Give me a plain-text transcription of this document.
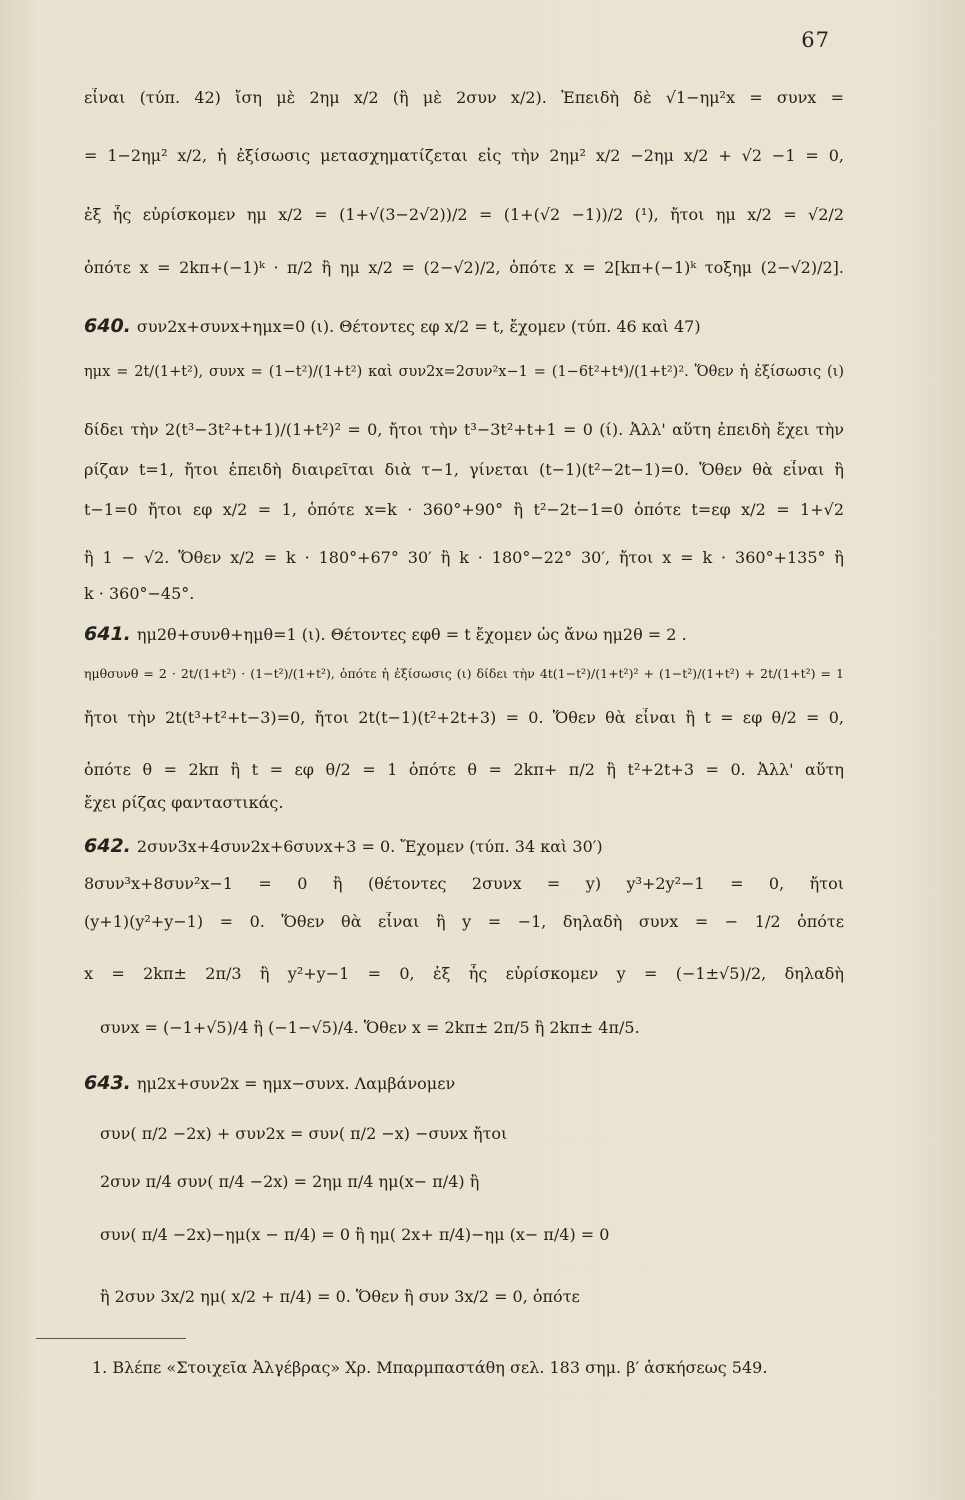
67
εἶναι (τύπ. 42) ἴση μὲ 2ημ x/2 (ἢ μὲ 2συν x/2). Ἐπειδὴ δὲ √1−ημ²x = συνx =
= 1−2ημ² x/2, ἡ ἐξίσωσις μετασχηματίζεται εἰς τὴν 2ημ² x/2 −2ημ x/2 + √2 −1 = 0,
ἐξ ἧς εὑρίσκομεν ημ x/2 = (1+√(3−2√2))/2 = (1+(√2 −1))/2 (¹), ἤτοι ημ x/2 = √2/2
ὁπότε x = 2kπ+(−1)ᵏ · π/2 ἢ ημ x/2 = (2−√2)/2, ὁπότε x = 2[kπ+(−1)ᵏ τοξημ (2−√2)/2].
640. συν2x+συνx+ημx=0 (ι). Θέτοντες εφ x/2 = t, ἔχομεν (τύπ. 46 καὶ 47)
ημx = 2t/(1+t²), συνx = (1−t²)/(1+t²) καὶ συν2x=2συν²x−1 = (1−6t²+t⁴)/(1+t²)². Ὅθεν ἡ ἐξίσωσις (ι)
δίδει τὴν 2(t³−3t²+t+1)/(1+t²)² = 0, ἤτοι τὴν t³−3t²+t+1 = 0 (ί). Ἀλλ' αὕτη ἐπειδὴ ἔχει τὴν
ρίζαν t=1, ἤτοι ἐπειδὴ διαιρεῖται διὰ τ−1, γίνεται (t−1)(t²−2t−1)=0. Ὅθεν θὰ εἶναι ἢ
t−1=0 ἤτοι εφ x/2 = 1, ὁπότε x=k · 360°+90° ἢ t²−2t−1=0 ὁπότε t=εφ x/2 = 1+√2
ἢ 1 − √2. Ὅθεν x/2 = k · 180°+67° 30′ ἢ k · 180°−22° 30′, ἤτοι x = k · 360°+135° ἢ
k · 360°−45°.
641. ημ2θ+συνθ+ημθ=1 (ι). Θέτοντες εφθ = t ἔχομεν ὡς ἄνω ημ2θ = 2 .
ημθσυνθ = 2 · 2t/(1+t²) · (1−t²)/(1+t²), ὁπότε ἡ ἐξίσωσις (ι) δίδει τὴν 4t(1−t²)/(1+t²)² + (1−t²)/(1+t²) + 2t/(1+t²) = 1
ἤτοι τὴν 2t(t³+t²+t−3)=0, ἤτοι 2t(t−1)(t²+2t+3) = 0. Ὅθεν θὰ εἶναι ἢ t = εφ θ/2 = 0,
ὁπότε θ = 2kπ ἢ t = εφ θ/2 = 1 ὁπότε θ = 2kπ+ π/2 ἢ t²+2t+3 = 0. Ἀλλ' αὕτη
ἔχει ρίζας φανταστικάς.
642. 2συν3x+4συν2x+6συνx+3 = 0. Ἔχομεν (τύπ. 34 καὶ 30′)
8συν³x+8συν²x−1 = 0 ἢ (θέτοντες 2συνx = y) y³+2y²−1 = 0, ἤτοι
(y+1)(y²+y−1) = 0. Ὅθεν θὰ εἶναι ἢ y = −1, δηλαδὴ συνx = − 1/2 ὁπότε
x = 2kπ± 2π/3 ἢ y²+y−1 = 0, ἐξ ἧς εὑρίσκομεν y = (−1±√5)/2, δηλαδὴ
συνx = (−1+√5)/4 ἢ (−1−√5)/4. Ὅθεν x = 2kπ± 2π/5 ἢ 2kπ± 4π/5.
643. ημ2x+συν2x = ημx−συνx. Λαμβάνομεν
συν( π/2 −2x) + συν2x = συν( π/2 −x) −συνx ἤτοι
2συν π/4 συν( π/4 −2x) = 2ημ π/4 ημ(x− π/4) ἢ
συν( π/4 −2x)−ημ(x − π/4) = 0 ἢ ημ( 2x+ π/4)−ημ (x− π/4) = 0
ἢ 2συν 3x/2 ημ( x/2 + π/4) = 0. Ὅθεν ἢ συν 3x/2 = 0, ὁπότε
1. Βλέπε «Στοιχεῖα Ἀλγέβρας» Χρ. Μπαρμπαστάθη σελ. 183 σημ. β′ ἀσκήσεως 549.
